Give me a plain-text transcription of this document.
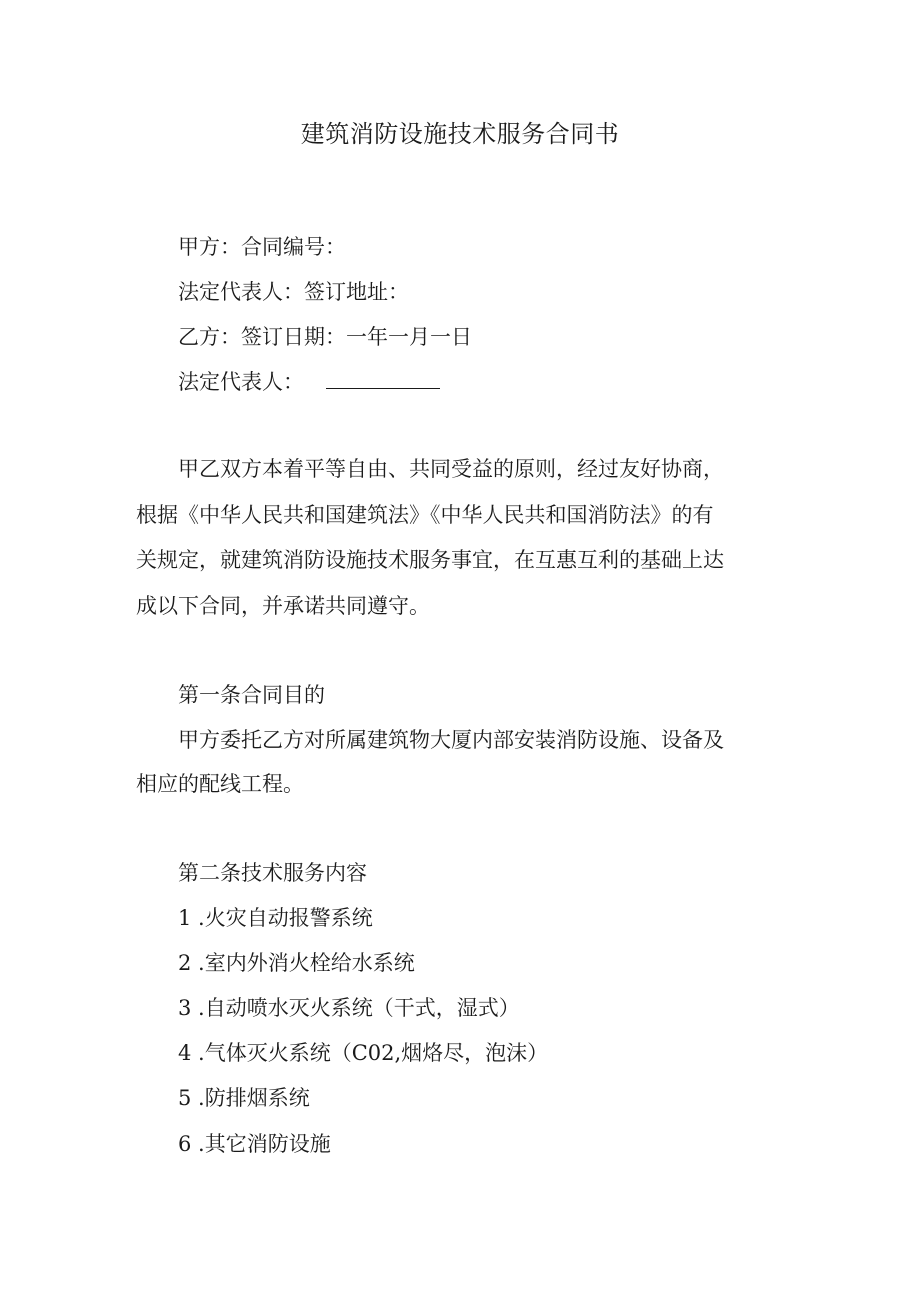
建筑消防设施技术服务合同书
甲方：合同编号：
法定代表人：签订地址：
乙方：签订日期：一年一月一日
法定代表人：
甲乙双方本着平等自由、共同受益的原则，经过友好协商，
根据《中华人民共和国建筑法》《中华人民共和国消防法》的有
关规定，就建筑消防设施技术服务事宜，在互惠互利的基础上达
成以下合同，并承诺共同遵守。
第一条合同目的
甲方委托乙方对所属建筑物大厦内部安装消防设施、设备及
相应的配线工程。
第二条技术服务内容
1 .火灾自动报警系统
2 .室内外消火栓给水系统
3 .自动喷水灭火系统（干式，湿式）
4 .气体灭火系统（C02,烟烙尽，泡沫）
5 .防排烟系统
6 .其它消防设施
